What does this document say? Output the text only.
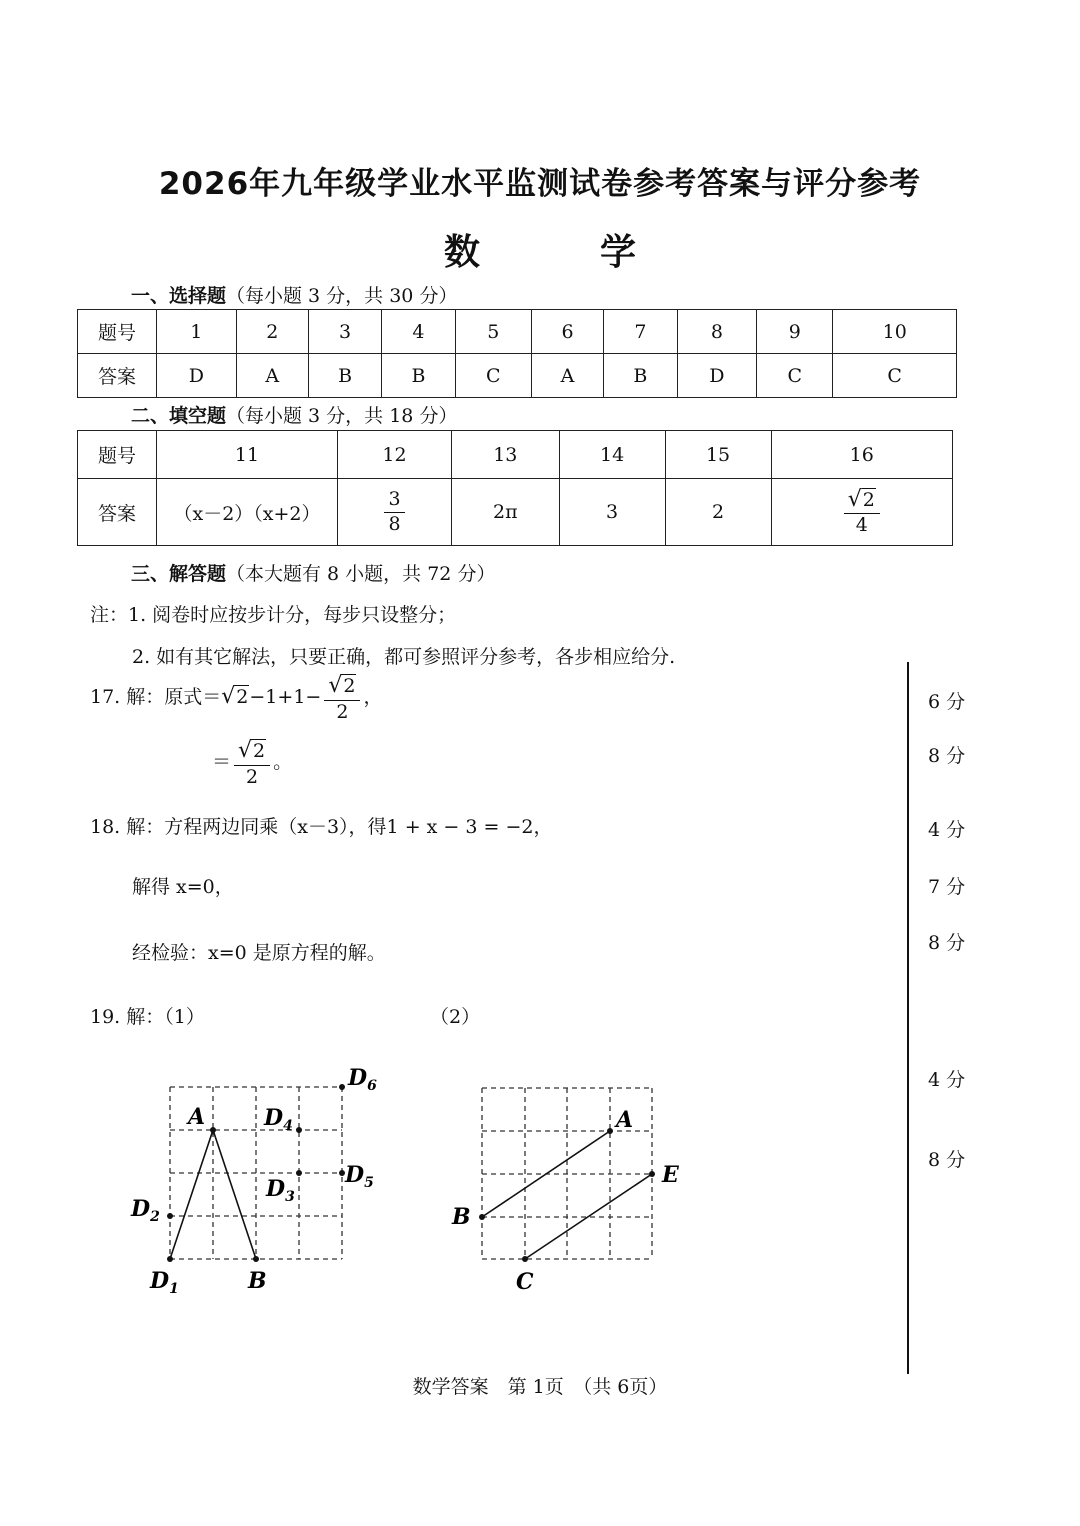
2026年九年级学业水平监测试卷参考答案与评分参考
数	学
一、选择题（每小题 3 分，共 30 分）
题号	1	2	3	4	5	6	7	8	9	10
答案	D	A	B	B	C	A	B	D	C	C
二、填空题（每小题 3 分，共 18 分）
题号	11	12	13	14	15	16
答案	（x－2）（x+2）	$\frac{3}{8}$	2π	3	2	$\frac{√2}{4}$
三、解答题（本大题有 8 小题，共 72 分）
注：1. 阅卷时应按步计分，每步只设整分；
2. 如有其它解法，只要正确，都可参照评分参考，各步相应给分.
17. 解：原式$=√2-1+1- \frac{√2}{2}$ ，	6 分
＝ $\frac{√2}{2}$ 。	8 分
18. 解：方程两边同乘（x－3），得1 + x − 3 = −2，	4 分
解得 x=0，	7 分
经检验：x=0 是原方程的解。	8 分
19. 解：（1）	（2）
4 分
8 分
A
B
$D_1$
$D_2$
$D_3$
$D_4$
$D_5$
$D_6$
A
B
C
E
数学答案　第 1页　（共 6页）
